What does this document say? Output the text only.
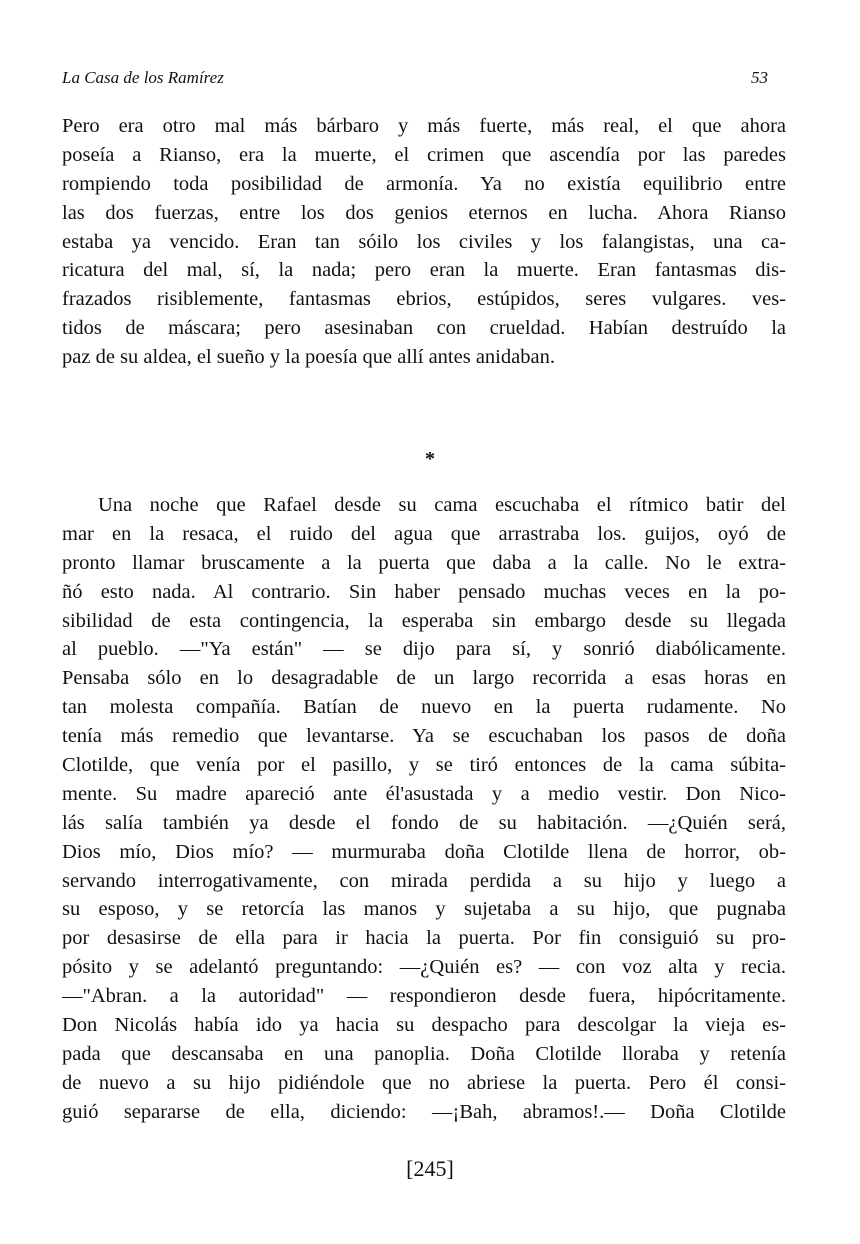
La Casa de los Ramírez	53
Pero era otro mal más bárbaro y más fuerte, más real, el que ahora
poseía a Rianso, era la muerte, el crimen que ascendía por las paredes
rompiendo toda posibilidad de armonía. Ya no existía equilibrio entre
las dos fuerzas, entre los dos genios eternos en lucha. Ahora Rianso
estaba ya vencido. Eran tan sóilo los civiles y los falangistas, una ca-
ricatura del mal, sí, la nada; pero eran la muerte. Eran fantasmas dis-
frazados risiblemente, fantasmas ebrios, estúpidos, seres vulgares. ves-
tidos de máscara; pero asesinaban con crueldad. Habían destruído la
paz de su aldea, el sueño y la poesía que allí antes anidaban.
*
Una noche que Rafael desde su cama escuchaba el rítmico batir del
mar en la resaca, el ruido del agua que arrastraba los. guijos, oyó de
pronto llamar bruscamente a la puerta que daba a la calle. No le extra-
ñó esto nada. Al contrario. Sin haber pensado muchas veces en la po-
sibilidad de esta contingencia, la esperaba sin embargo desde su llegada
al pueblo. —"Ya están" — se dijo para sí, y sonrió diabólicamente.
Pensaba sólo en lo desagradable de un largo recorrida a esas horas en
tan molesta compañía. Batían de nuevo en la puerta rudamente. No
tenía más remedio que levantarse. Ya se escuchaban los pasos de doña
Clotilde, que venía por el pasillo, y se tiró entonces de la cama súbita-
mente. Su madre apareció ante él'asustada y a medio vestir. Don Nico-
lás salía también ya desde el fondo de su habitación. —¿Quién será,
Dios mío, Dios mío? — murmuraba doña Clotilde llena de horror, ob-
servando interrogativamente, con mirada perdida a su hijo y luego a
su esposo, y se retorcía las manos y sujetaba a su hijo, que pugnaba
por desasirse de ella para ir hacia la puerta. Por fin consiguió su pro-
pósito y se adelantó preguntando: —¿Quién es? — con voz alta y recia.
—"Abran. a la autoridad" — respondieron desde fuera, hipócritamente.
Don Nicolás había ido ya hacia su despacho para descolgar la vieja es-
pada que descansaba en una panoplia. Doña Clotilde lloraba y retenía
de nuevo a su hijo pidiéndole que no abriese la puerta. Pero él consi-
guió separarse de ella, diciendo: —¡Bah, abramos!.— Doña Clotilde
[245]
